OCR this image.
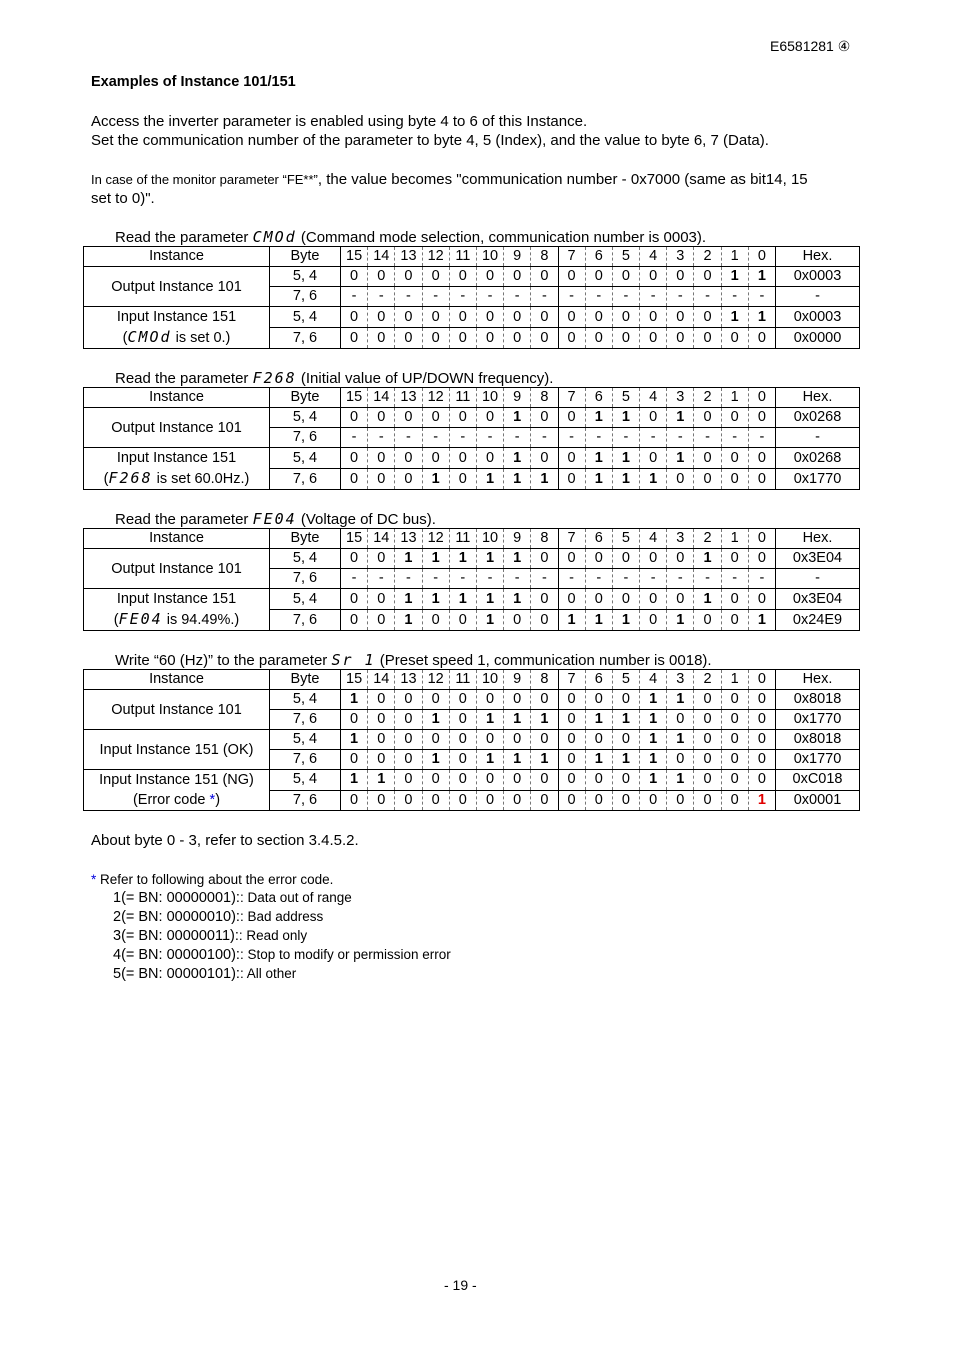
E6581281 ④
Examples of Instance 101/151
Access the inverter parameter is enabled using byte 4 to 6 of this Instance.
Set the communication number of the parameter to byte 4, 5 (Index), and the value to byte 6, 7 (Data).
In case of the monitor parameter “FE**”, the value becomes "communication number - 0x7000 (same as bit14, 15
set to 0)".
Read the parameter CMOd (Command mode selection, communication number is 0003).
Instance	Byte	15	14	13	12	11	10	9	8	7	6	5	4	3	2	1	0	Hex.

Output Instance 101	5, 4	0	0	0	0	0	0	0	0	0	0	0	0	0	0	1	1	0x0003
	7, 6	-	-	-	-	-	-	-	-	-	-	-	-	-	-	-	-	-

Input Instance 151
(CMOd is set 0.)	5, 4	0	0	0	0	0	0	0	0	0	0	0	0	0	0	1	1	0x0003
	7, 6	0	0	0	0	0	0	0	0	0	0	0	0	0	0	0	0	0x0000
Read the parameter F268 (Initial value of UP/DOWN frequency).
Instance	Byte	15	14	13	12	11	10	9	8	7	6	5	4	3	2	1	0	Hex.

Output Instance 101	5, 4	0	0	0	0	0	0	1	0	0	1	1	0	1	0	0	0	0x0268
	7, 6	-	-	-	-	-	-	-	-	-	-	-	-	-	-	-	-	-

Input Instance 151
(F268 is set 60.0Hz.)	5, 4	0	0	0	0	0	0	1	0	0	1	1	0	1	0	0	0	0x0268
	7, 6	0	0	0	1	0	1	1	1	0	1	1	1	0	0	0	0	0x1770
Read the parameter FE04 (Voltage of DC bus).
Instance	Byte	15	14	13	12	11	10	9	8	7	6	5	4	3	2	1	0	Hex.

Output Instance 101	5, 4	0	0	1	1	1	1	1	0	0	0	0	0	0	1	0	0	0x3E04
	7, 6	-	-	-	-	-	-	-	-	-	-	-	-	-	-	-	-	-

Input Instance 151
(FE04 is 94.49%.)	5, 4	0	0	1	1	1	1	1	0	0	0	0	0	0	1	0	0	0x3E04
	7, 6	0	0	1	0	0	1	0	0	1	1	1	0	1	0	0	1	0x24E9
Write “60 (Hz)” to the parameter Sr 1 (Preset speed 1, communication number is 0018).
Instance	Byte	15	14	13	12	11	10	9	8	7	6	5	4	3	2	1	0	Hex.

Output Instance 101	5, 4	1	0	0	0	0	0	0	0	0	0	0	1	1	0	0	0	0x8018
	7, 6	0	0	0	1	0	1	1	1	0	1	1	1	0	0	0	0	0x1770

Input Instance 151 (OK)	5, 4	1	0	0	0	0	0	0	0	0	0	0	1	1	0	0	0	0x8018
	7, 6	0	0	0	1	0	1	1	1	0	1	1	1	0	0	0	0	0x1770

Input Instance 151 (NG)
(Error code *)	5, 4	1	1	0	0	0	0	0	0	0	0	0	1	1	0	0	0	0xC018
	7, 6	0	0	0	0	0	0	0	0	0	0	0	0	0	0	0	1	0x0001
About byte 0 - 3, refer to section 3.4.5.2.
* Refer to following about the error code.
1(= BN: 00000001):: Data out of range
2(= BN: 00000010):: Bad address
3(= BN: 00000011):: Read only
4(= BN: 00000100):: Stop to modify or permission error
5(= BN: 00000101):: All other
- 19 -
